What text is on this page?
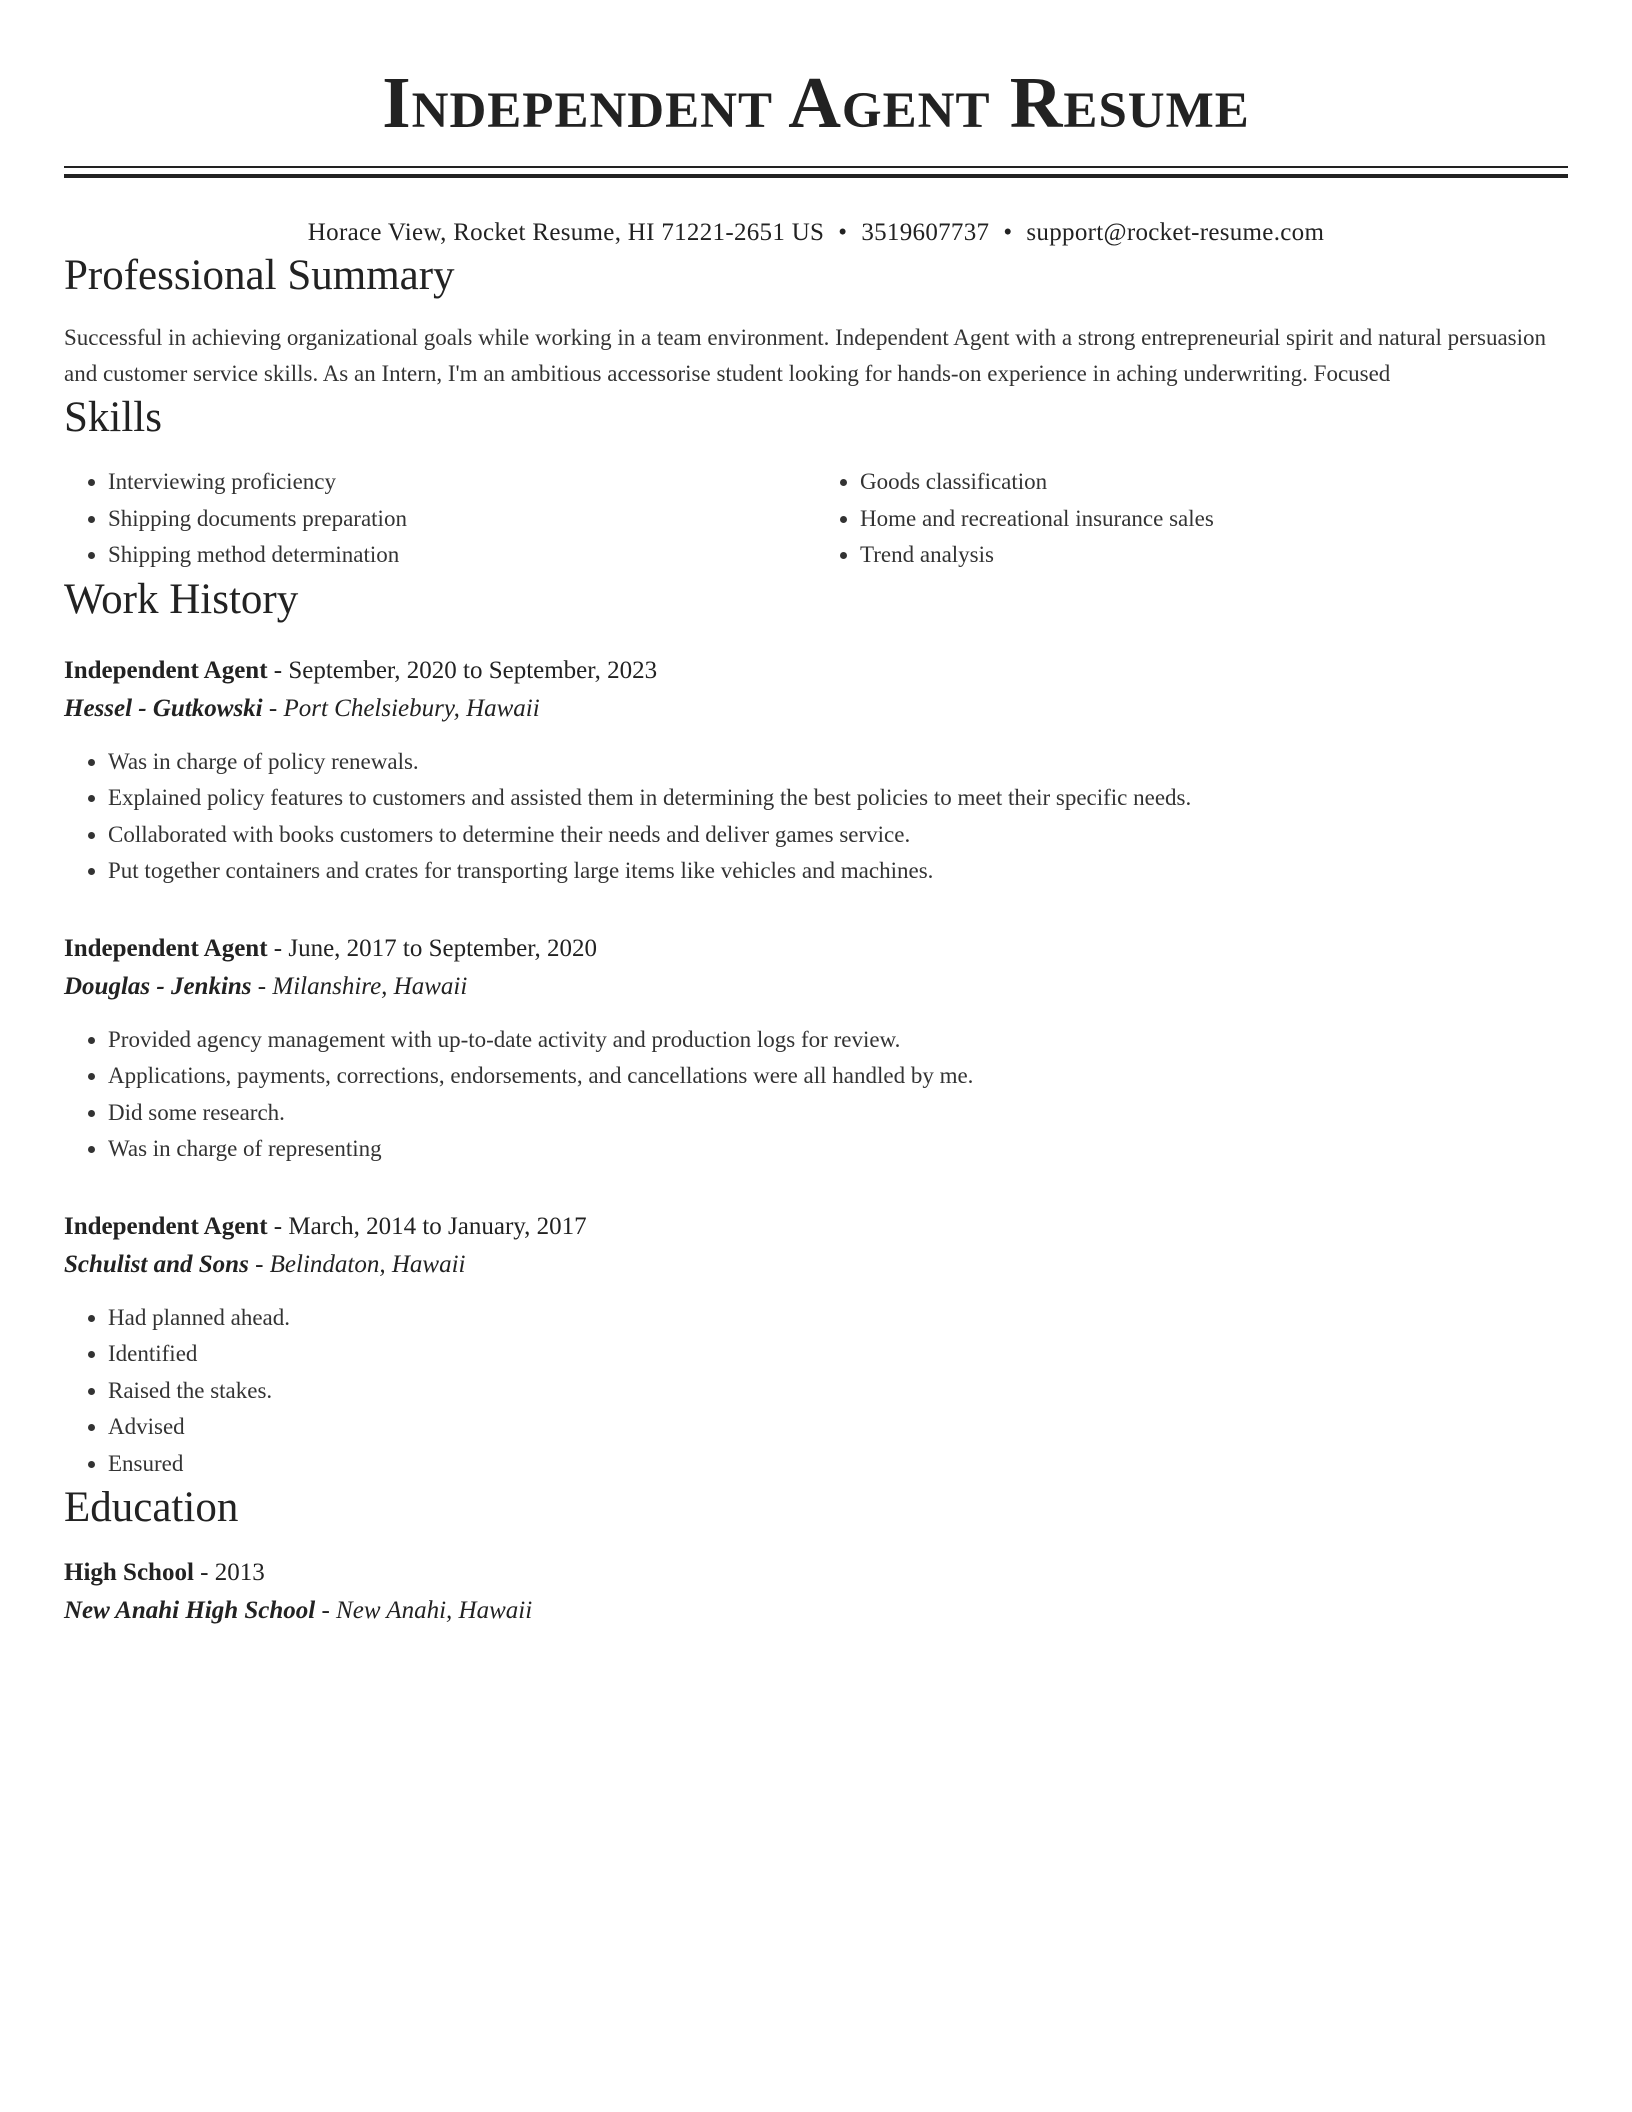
Independent Agent Resume
Horace View, Rocket Resume, HI 71221-2651 US • 3519607737 • support@rocket-resume.com
Professional Summary

Successful in achieving organizational goals while working in a team environment. Independent Agent with a strong entrepreneurial spirit and natural persuasion and customer service skills. As an Intern, I'm an ambitious accessorise student looking for hands-on experience in aching underwriting. Focused

Skills
• Interviewing proficiency
• Shipping documents preparation
• Shipping method determination
• Goods classification
• Home and recreational insurance sales
• Trend analysis
Work History
Independent Agent - September, 2020 to September, 2023
Hessel - Gutkowski - Port Chelsiebury, Hawaii
• Was in charge of policy renewals.
• Explained policy features to customers and assisted them in determining the best policies to meet their specific needs.
• Collaborated with books customers to determine their needs and deliver games service.
• Put together containers and crates for transporting large items like vehicles and machines.
Independent Agent - June, 2017 to September, 2020
Douglas - Jenkins - Milanshire, Hawaii
• Provided agency management with up-to-date activity and production logs for review.
• Applications, payments, corrections, endorsements, and cancellations were all handled by me.
• Did some research.
• Was in charge of representing
Independent Agent - March, 2014 to January, 2017
Schulist and Sons - Belindaton, Hawaii
• Had planned ahead.
• Identified
• Raised the stakes.
• Advised
• Ensured
Education
High School - 2013
New Anahi High School - New Anahi, Hawaii
